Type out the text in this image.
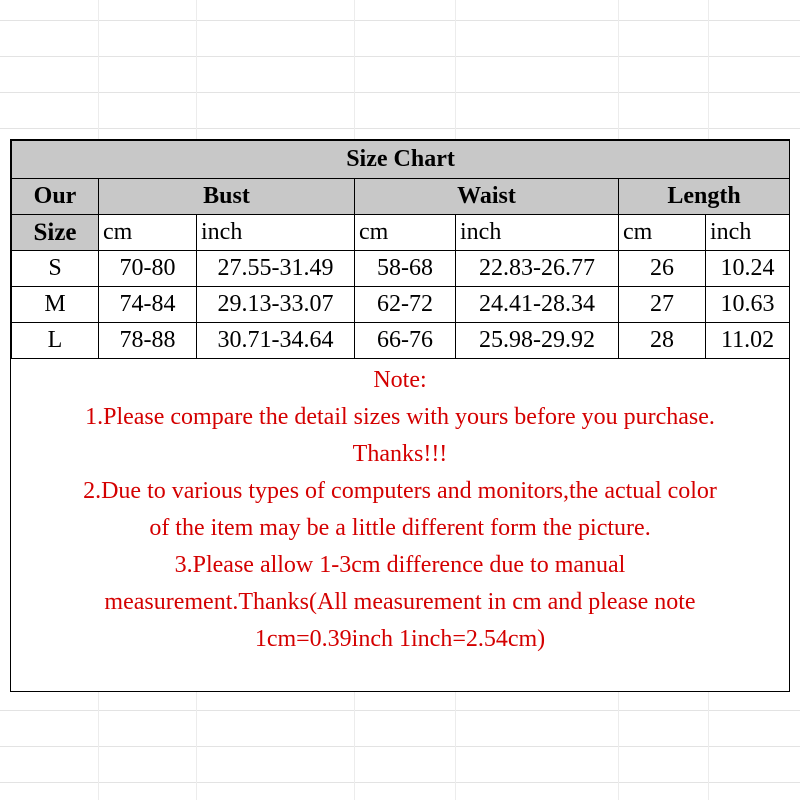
Size Chart						
Our	Bust		Waist		Length	
Size	cm	inch	cm	inch	cm	inch
S	70-80	27.55-31.49	58-68	22.83-26.77	26	10.24
M	74-84	29.13-33.07	62-72	24.41-28.34	27	10.63
L	78-88	30.71-34.64	66-76	25.98-29.92	28	11.02
Note:
1.Please compare the detail sizes with yours before you purchase.
Thanks!!!
2.Due to various types of computers and monitors,the actual color
of the item may be a little different form the picture.
3.Please allow 1-3cm difference due to manual
measurement.Thanks(All measurement in cm and please note
1cm=0.39inch 1inch=2.54cm)
